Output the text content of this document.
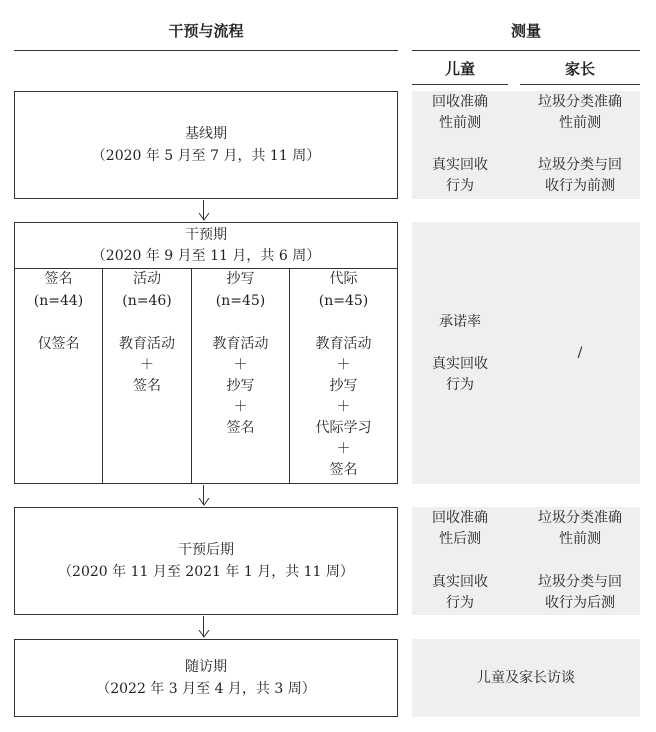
干预与流程	测量
儿童	家长
基线期
（2020 年 5 月至 7 月，共 11 周）
回收准确
性前测
真实回收
行为
垃圾分类准确
性前测
垃圾分类与回
收行为前测
干预期
（2020 年 9 月至 11 月，共 6 周）
签名
(n=44)
仅签名
活动
(n=46)
教育活动
＋
签名
抄写
(n=45)
教育活动
＋
抄写
＋
签名
代际
(n=45)
教育活动
＋
抄写
＋
代际学习
＋
签名
承诺率
真实回收
行为
/
干预后期
（2020 年 11 月至 2021 年 1 月，共 11 周）
回收准确
性后测
真实回收
行为
垃圾分类准确
性前测
垃圾分类与回
收行为后测
随访期
（2022 年 3 月至 4 月，共 3 周）
儿童及家长访谈
